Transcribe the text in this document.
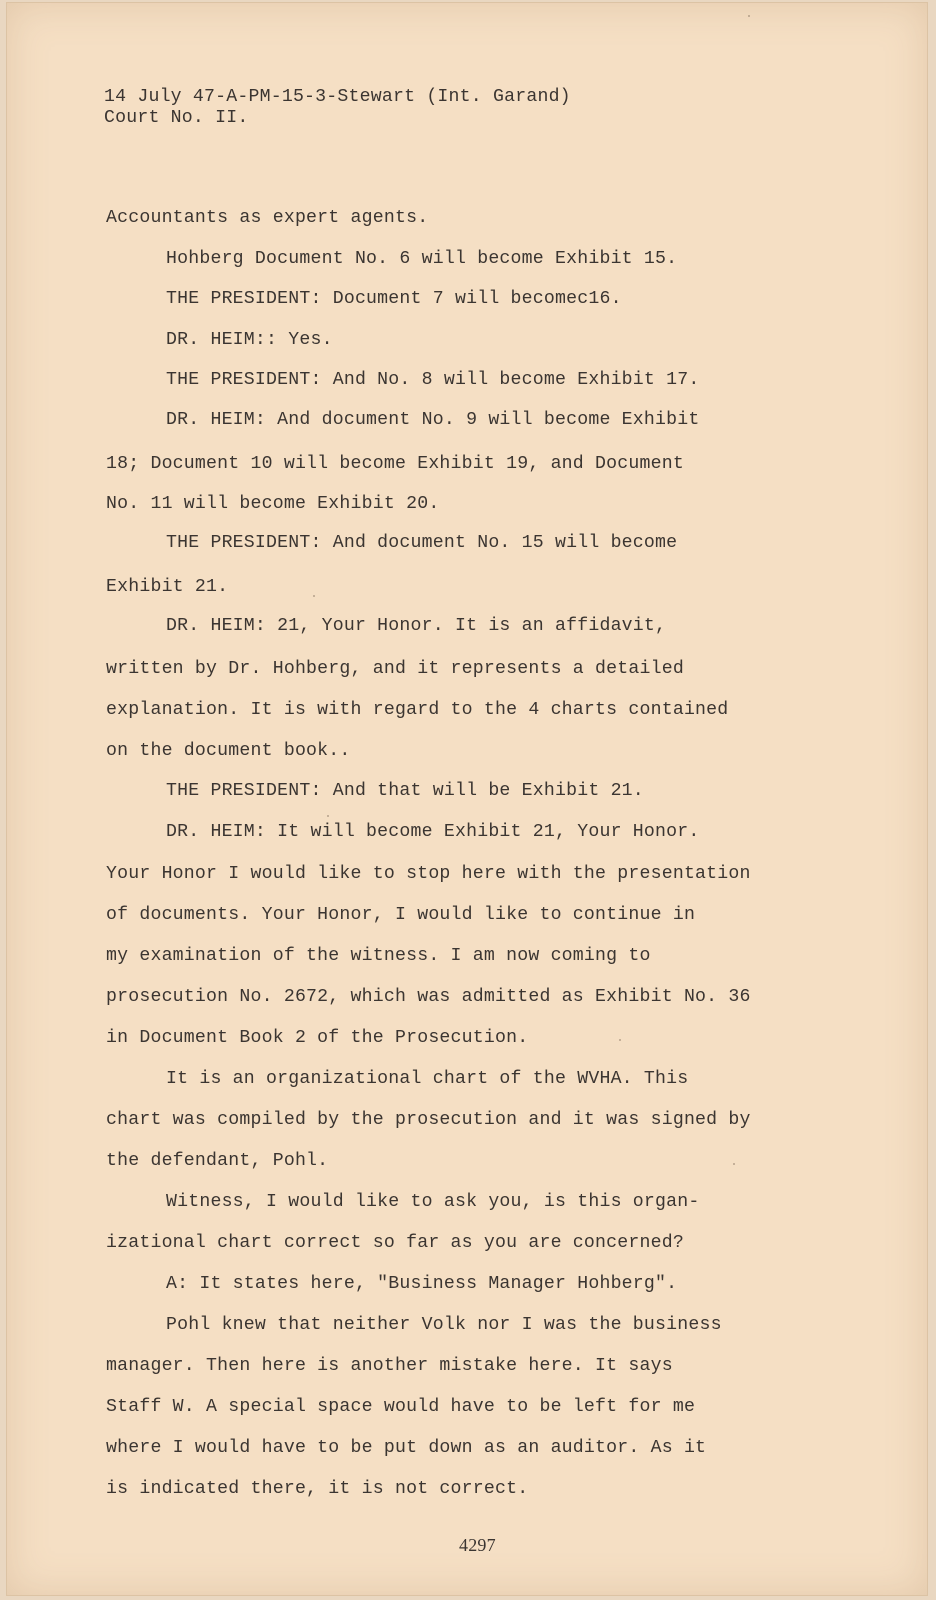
14 July 47-A-PM-15-3-Stewart (Int. Garand)
Court No. II.
Accountants as expert agents.
Hohberg Document No. 6 will become Exhibit 15.
THE PRESIDENT: Document 7 will becomec16.
DR. HEIM:: Yes.
THE PRESIDENT: And No. 8 will become Exhibit 17.
DR. HEIM: And document No. 9 will become Exhibit
18; Document 10 will become Exhibit 19, and Document
No. 11 will become Exhibit 20.
THE PRESIDENT: And document No. 15 will become
Exhibit 21.
DR. HEIM: 21, Your Honor. It is an affidavit,
written by Dr. Hohberg, and it represents a detailed
explanation. It is with regard to the 4 charts contained
on the document book..
THE PRESIDENT: And that will be Exhibit 21.
DR. HEIM: It will become Exhibit 21, Your Honor.
Your Honor I would like to stop here with the presentation
of documents. Your Honor, I would like to continue in
my examination of the witness. I am now coming to
prosecution No. 2672, which was admitted as Exhibit No. 36
in Document Book 2 of the Prosecution.
It is an organizational chart of the WVHA. This
chart was compiled by the prosecution and it was signed by
the defendant, Pohl.
Witness, I would like to ask you, is this organ-
izational chart correct so far as you are concerned?
A: It states here, "Business Manager Hohberg".
Pohl knew that neither Volk nor I was the business
manager. Then here is another mistake here. It says
Staff W. A special space would have to be left for me
where I would have to be put down as an auditor. As it
is indicated there, it is not correct.
4297
